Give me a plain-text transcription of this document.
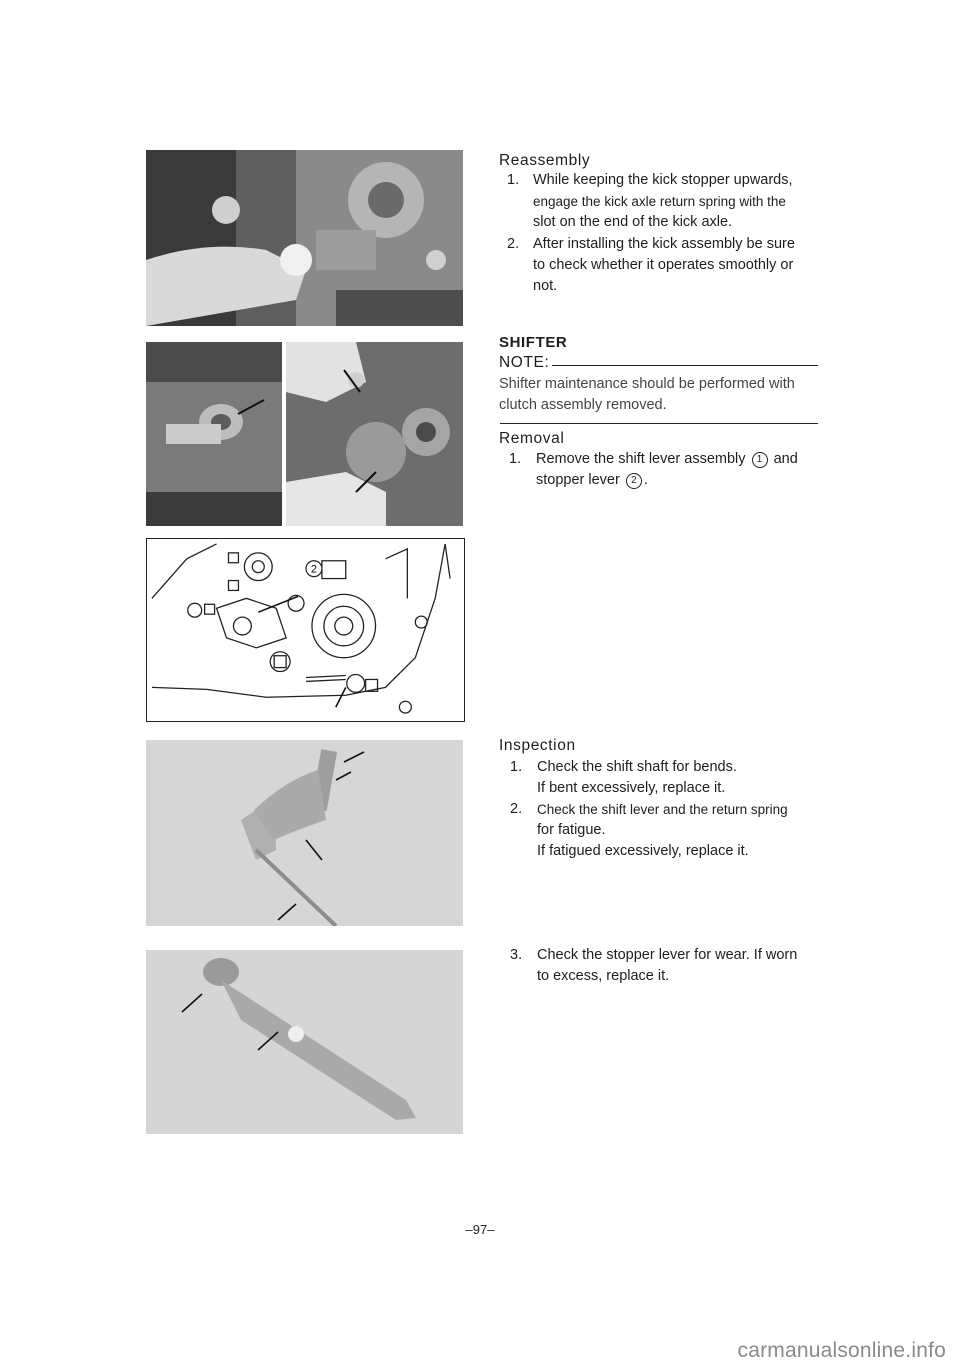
2
Reassembly
1. While keeping the kick stopper upwards,
engage the kick axle return spring with the
slot on the end of the kick axle.
2. After installing the kick assembly be sure
to check whether it operates smoothly or
not.
SHIFTER
NOTE:
Shifter maintenance should be performed with
clutch assembly removed.
Removal
1. Remove the shift lever assembly 1 and
stopper lever 2 .
Inspection
1. Check the shift shaft for bends.
If bent excessively, replace it.
2. Check the shift lever and the return spring
for fatigue.
If fatigued excessively, replace it.
3. Check the stopper lever for wear. If worn
to excess, replace it.
–97–
carmanualsonline.info
